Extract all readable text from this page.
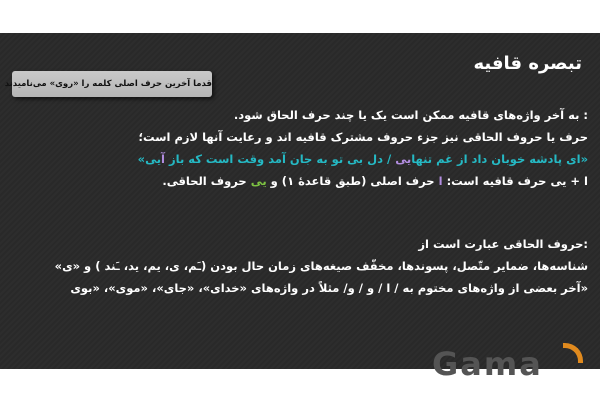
تبصره قافیه
قدما آخرین حرف اصلی کلمه را «روی» می‌نامیدند
: به آخر واژه‌های قافیه ممکن است یک یا چند حرف الحاق شود.
حرف یا حروف الحاقی نیز جزء حروف مشترک قافیه اند و رعایت آنها لازم است؛
«ای پادشه خوبان داد از غم تنهایی / دل بی تو به جان آمد وقت است که باز آیی»
ا + یی حرف قافیه است: ا حرف اصلی (طبق قاعدهٔ ۱) و یی حروف الحاقی.
:حروف الحاقی عبارت است از
شناسه‌ها، ضمایر متّصل، پسوندها، مخفّف صیغه‌های زمان حال بودن (ـَم، ی، یم، ید، ـَند ) و «ی»
«آخر بعضی از واژه‌های مختوم به / ا / و / و/ مثلاً در واژه‌های «خدای»، «جای»، «موی»، «بوی
Gama
